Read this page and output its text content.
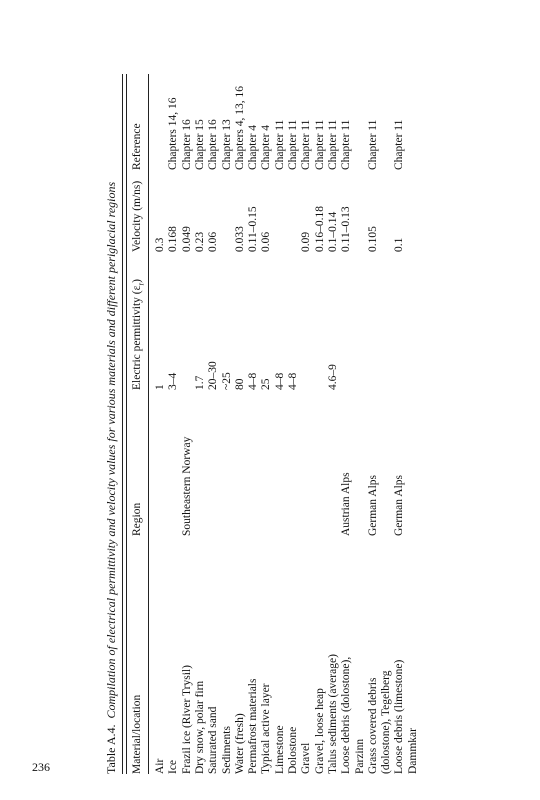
236	Table A.4.  Compilation of electrical permittivity and velocity values for various materials and different periglacial regions
Material/location
Region
Electric permittivity $(\varepsilon_r)$
Velocity (m/ns)
Reference
Air
1
0.3
Ice
3–4
0.168
Chapters 14, 16
Frazil ice (River Trysil)
Southeastern Norway
0.049
Chapter 16
Dry snow, polar firn
1.7
0.23
Chapter 15
Saturated sand
20–30
0.06
Chapter 16
Sediments
~25
Chapter 13
Water (fresh)
80
0.033
Chapters 4, 13, 16
Permafrost materials
4–8
0.11–0.15
Chapter 4
Typical active layer
25
0.06
Chapter 4
Limestone
4–8
Chapter 11
Dolostone
4–8
Chapter 11
Gravel
0.09
Chapter 11
Gravel, loose heap
0.16–0.18
Chapter 11
Talus sediments (average)
4.6–9
0.1–0.14
Chapter 11
Loose debris (dolostone),
Austrian Alps
0.11–0.13
Chapter 11
Parzinn Grass covered debris
German Alps
0.105
Chapter 11
(dolostone), Tegelberg Loose debris (limestone)
German Alps
0.1
Chapter 11
Dammkar
